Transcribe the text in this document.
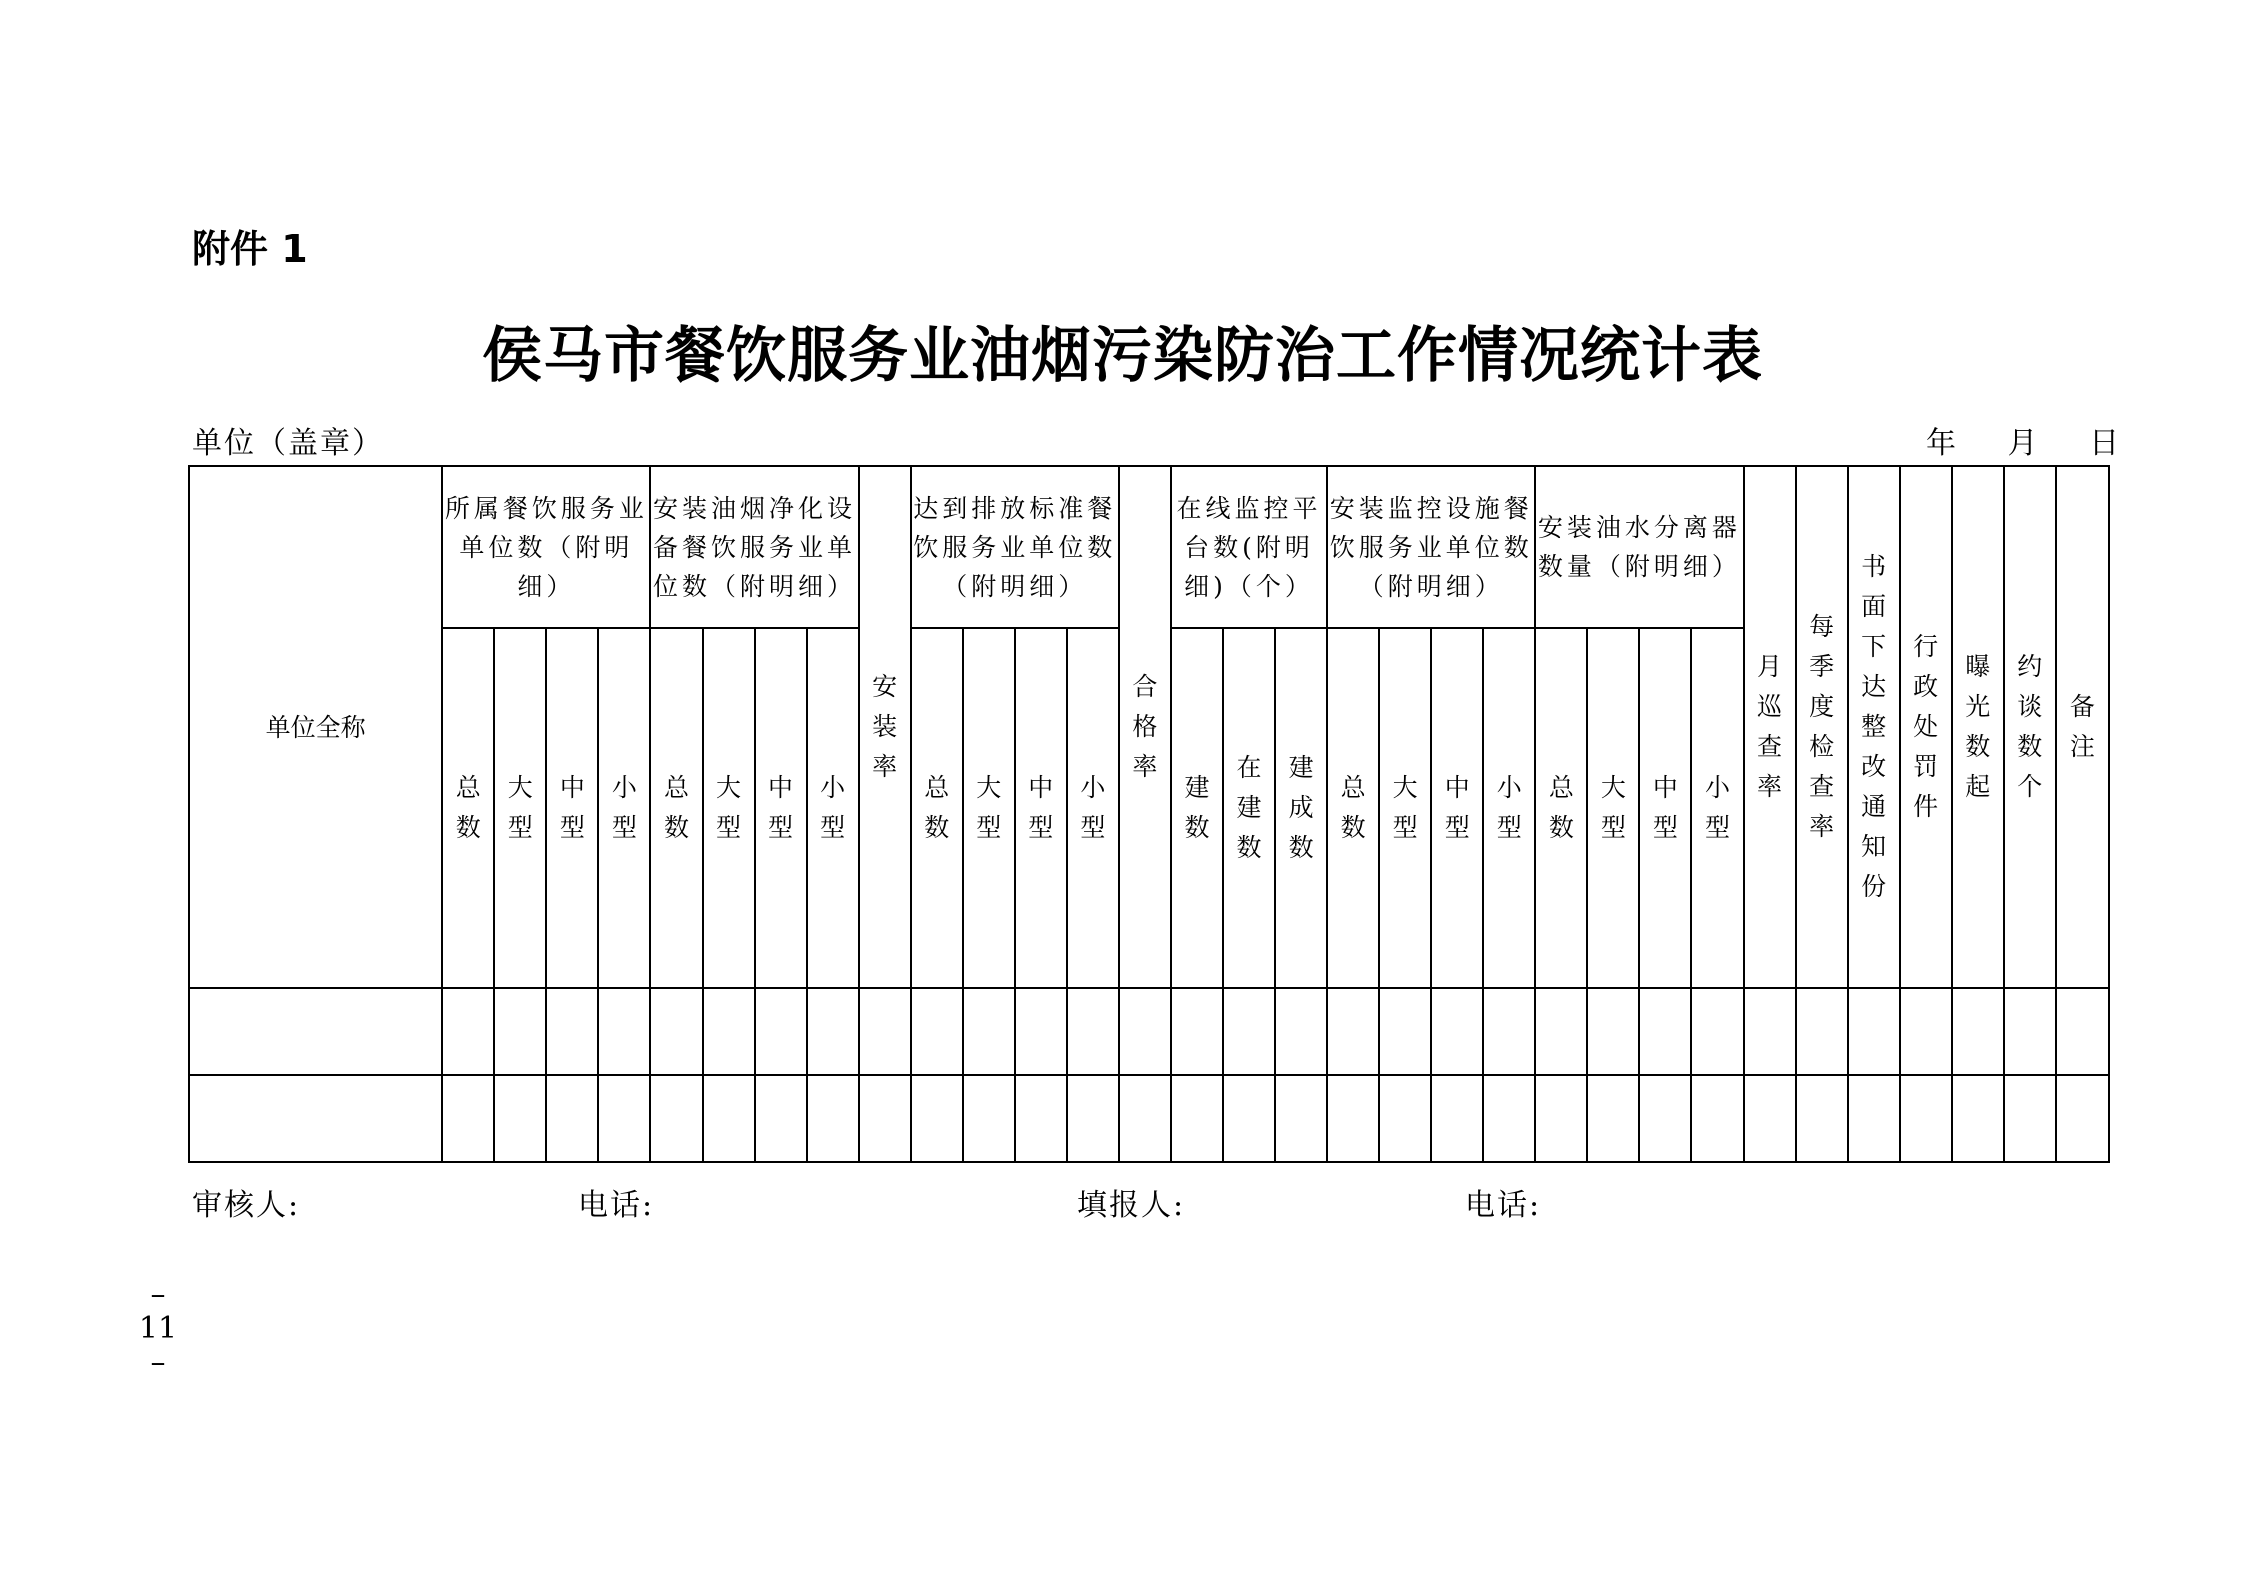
附件 1
侯马市餐饮服务业油烟污染防治工作情况统计表
单位（盖章）	年 月 日
单位全称	所属餐饮服务业单位数（附明细）				安装油烟净化设备餐饮服务业单位数（附明细）				安装率	达到排放标准餐饮服务业单位数（附明细）				合格率	在线监控平台数(附明细)（个）			安装监控设施餐饮服务业单位数（附明细）				安装油水分离器数量（附明细）				月巡查率	每季度检查率	书面下达整改通知份	行政处罚件	曝光数起	约谈数个	备注
	总数	大型	中型	小型	总数	大型	中型	小型		总数	大型	中型	小型		建数	在建数	建成数	总数	大型	中型	小型	总数	大型	中型	小型							

审核人:	电话:	填报人:	电话:
– 11 –
